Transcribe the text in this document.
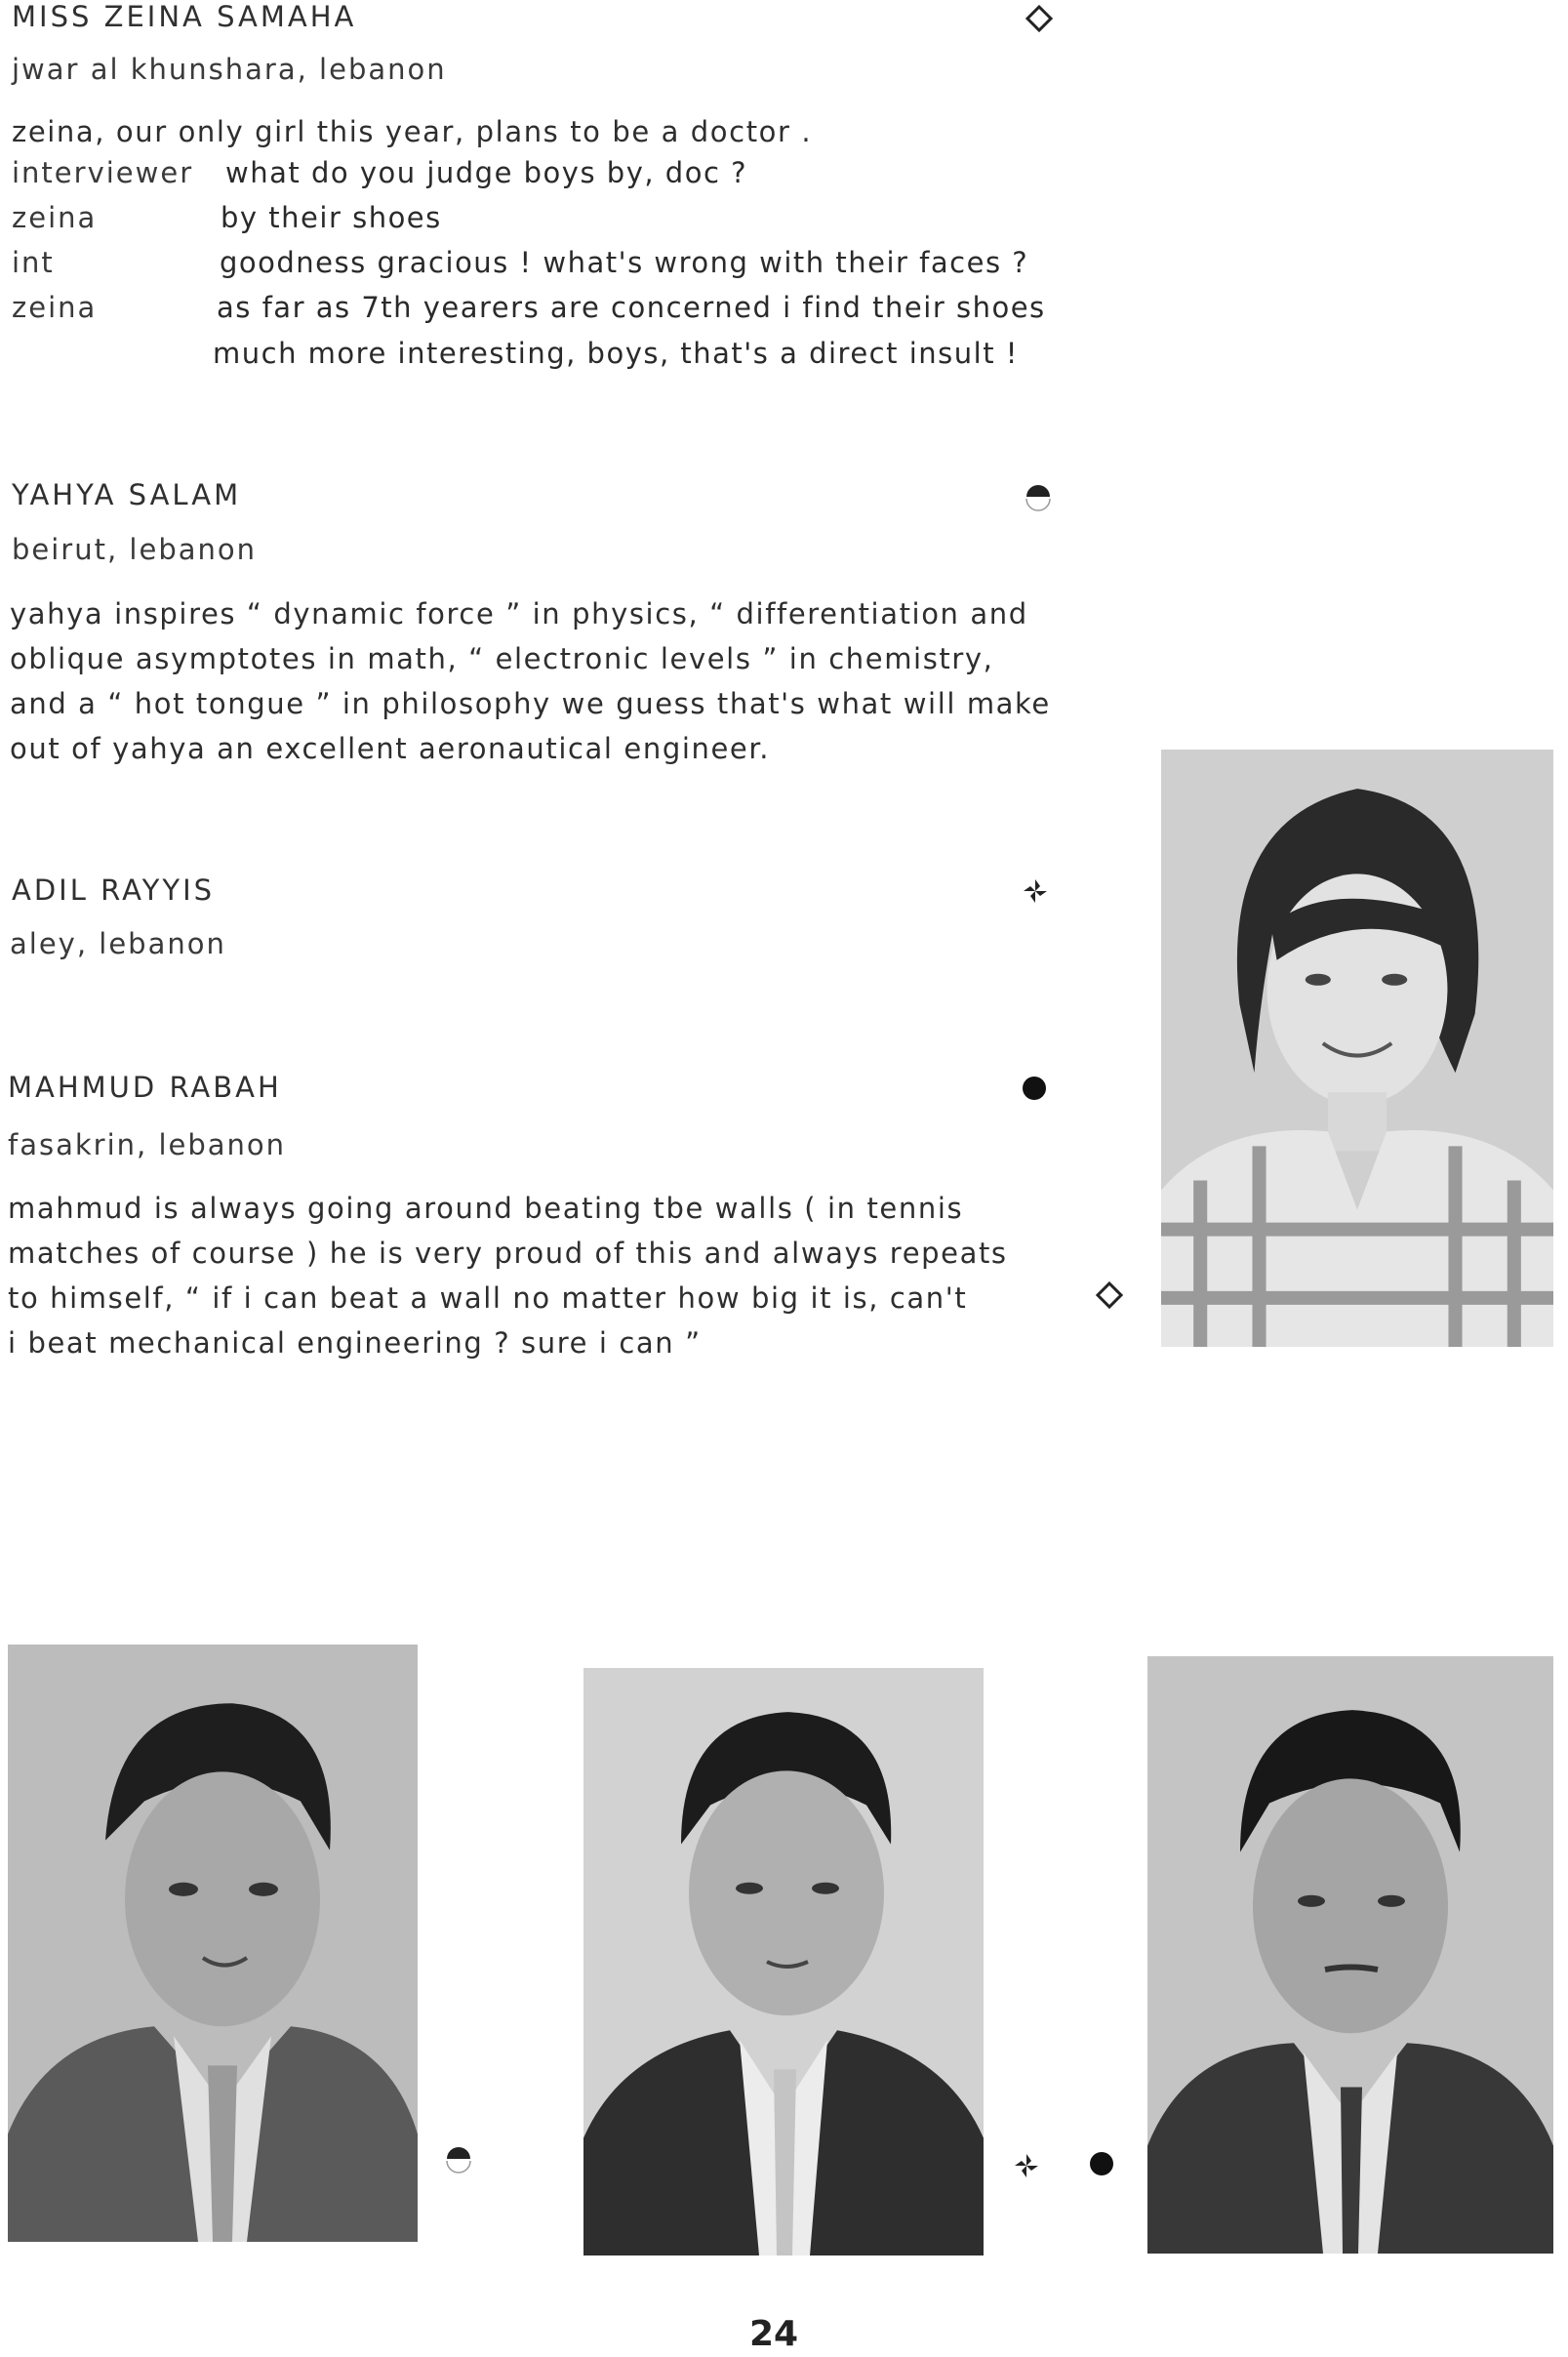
MISS ZEINA SAMAHA
jwar al khunshara, lebanon
zeina, our only girl this year, plans to be a doctor .
interviewer what do you judge boys by, doc ?
zeina	by their shoes
int	goodness gracious ! what's wrong with their faces ?
zeina	as far as 7th yearers are concerned i find their shoes
much more interesting, boys, that's a direct insult !
YAHYA SALAM
beirut, lebanon
yahya inspires “ dynamic force ” in physics, “ differentiation and
oblique asymptotes in math, “ electronic levels ” in chemistry,
and a “ hot tongue ” in philosophy we guess that's what will make
out of yahya an excellent aeronautical engineer.
ADIL RAYYIS
aley, lebanon
MAHMUD RABAH
fasakrin, lebanon
mahmud is always going around beating tbe walls ( in tennis
matches of course ) he is very proud of this and always repeats
to himself, “ if i can beat a wall no matter how big it is, can't
i beat mechanical engineering ? sure i can ”
24
